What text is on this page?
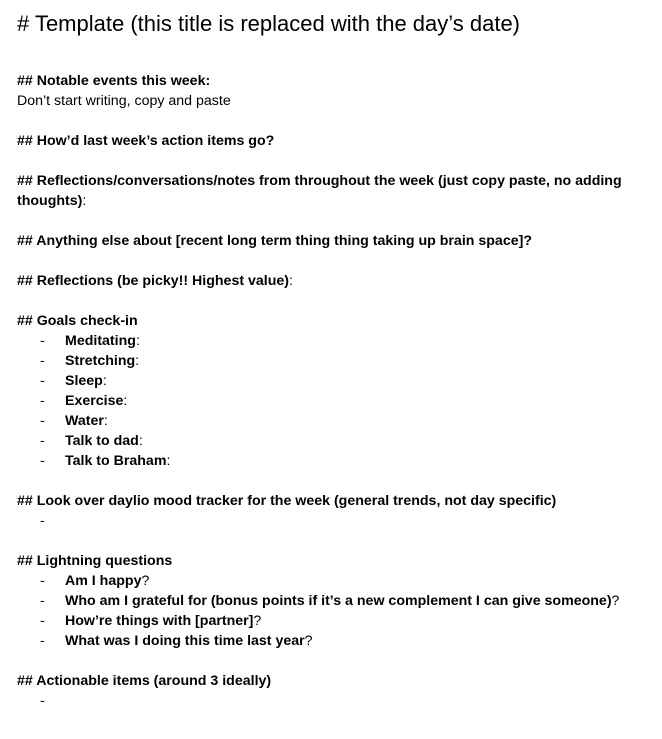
# Template (this title is replaced with the day’s date)
## Notable events this week:
Don’t start writing, copy and paste
## How’d last week’s action items go?
## Reflections/conversations/notes from throughout the week (just copy paste, no adding thoughts):
## Anything else about [recent long term thing thing taking up brain space]?
## Reflections (be picky!! Highest value):
## Goals check-in
- Meditating:
- Stretching:
- Sleep:
- Exercise:
- Water:
- Talk to dad:
- Talk to Braham:
## Look over daylio mood tracker for the week (general trends, not day specific)
-

## Lightning questions
- Am I happy?
- Who am I grateful for (bonus points if it’s a new complement I can give someone)?
- How’re things with [partner]?
- What was I doing this time last year?
## Actionable items (around 3 ideally)
-
